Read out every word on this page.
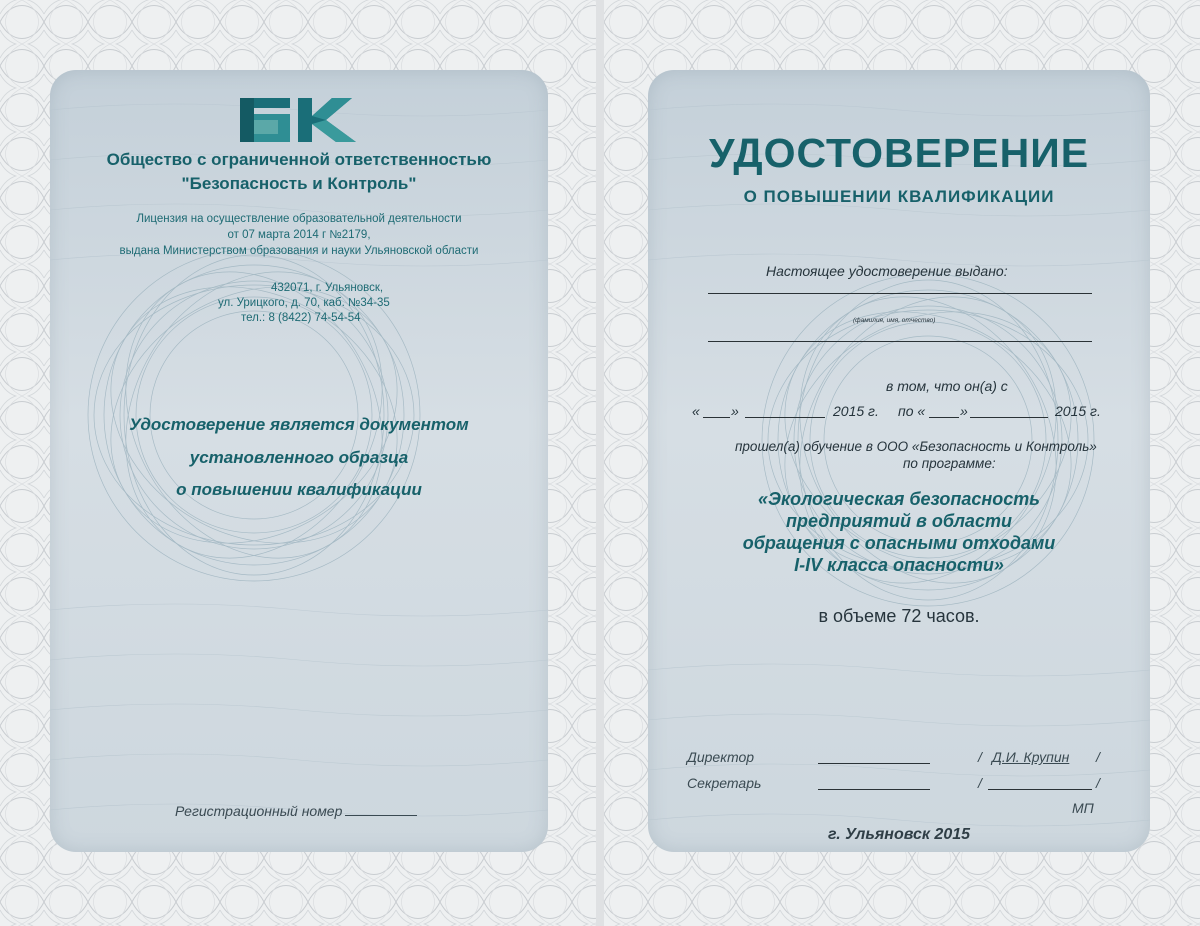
Общество с ограниченной ответственностью
"Безопасность и Контроль"
Лицензия на осуществление образовательной деятельности
от 07 марта 2014 г №2179,
выдана Министерством образования и науки Ульяновской области
432071, г. Ульяновск,
ул. Урицкого, д. 70, каб. №34-35
тел.: 8 (8422) 74-54-54
Удостоверение является документом
установленного образца
о повышении квалификации
Регистрационный номер
УДОСТОВЕРЕНИЕ
О ПОВЫШЕНИИ КВАЛИФИКАЦИИ
Настоящее удостоверение выдано:
(фамилия, имя, отчество)
в том, что он(а) с
« »	2015 г. по « »	2015 г.
прошел(а) обучение в ООО «Безопасность и Контроль»
по программе:
«Экологическая безопасность
предприятий в области
обращения с опасными отходами
I-IV класса опасности»
в объеме 72 часов.
Директор	/ Д.И. Крупин /
Секретарь	/	/
МП
г. Ульяновск 2015
